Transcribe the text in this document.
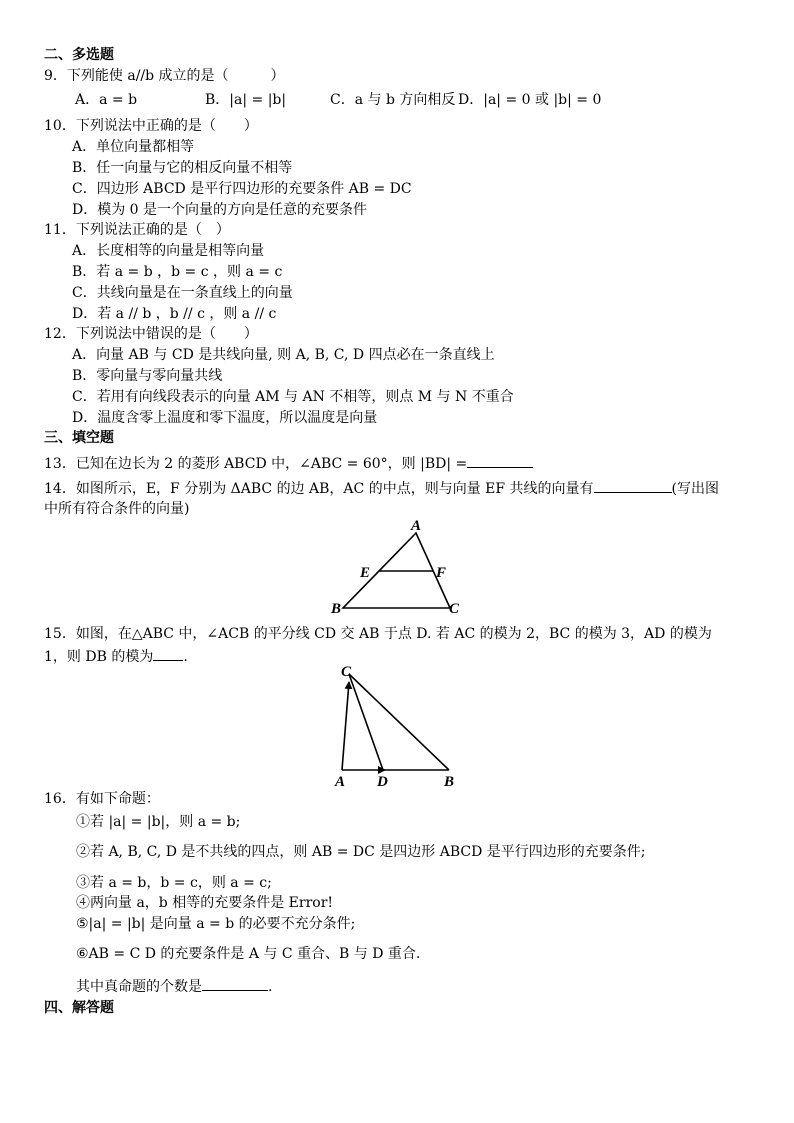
二、多选题
9．下列能使 a//b 成立的是（　　　）
A．a = b	B．|a| = |b|	C．a 与 b 方向相反 D．|a| = 0 或 |b| = 0
10．下列说法中正确的是（　　）
A．单位向量都相等
B．任一向量与它的相反向量不相等
C．四边形 ABCD 是平行四边形的充要条件 AB = DC
D．模为 0 是一个向量的方向是任意的充要条件
11．下列说法正确的是（　）
A．长度相等的向量是相等向量
B．若 a = b ，b = c ，则 a = c
C．共线向量是在一条直线上的向量
D．若 a // b ，b // c ，则 a // c
12．下列说法中错误的是（　　）
A．向量 AB 与 CD 是共线向量, 则 A, B, C, D 四点必在一条直线上
B．零向量与零向量共线
C．若用有向线段表示的向量 AM 与 AN 不相等，则点 M 与 N 不重合
D．温度含零上温度和零下温度，所以温度是向量
三、填空题
13．已知在边长为 2 的菱形 ABCD 中，∠ABC = 60°，则 |BD| =
14．如图所示，E，F 分别为 ΔABC 的边 AB，AC 的中点，则与向量 EF 共线的向量有	(写出图
中所有符合条件的向量)
A
E	F
B	C
15．如图，在△ABC 中，∠ACB 的平分线 CD 交 AB 于点 D. 若 AC 的模为 2，BC 的模为 3，AD 的模为
1，则 DB 的模为 .
C
A D	B
16．有如下命题：
①若 |a| = |b|，则 a = b;
②若 A, B, C, D 是不共线的四点，则 AB = DC 是四边形 ABCD 是平行四边形的充要条件;
③若 a = b，b = c，则 a = c;
④两向量 a，b 相等的充要条件是 Error!
⑤|a| = |b| 是向量 a = b 的必要不充分条件;
⑥AB = C D 的充要条件是 A 与 C 重合、B 与 D 重合.
其中真命题的个数是	.
四、解答题
